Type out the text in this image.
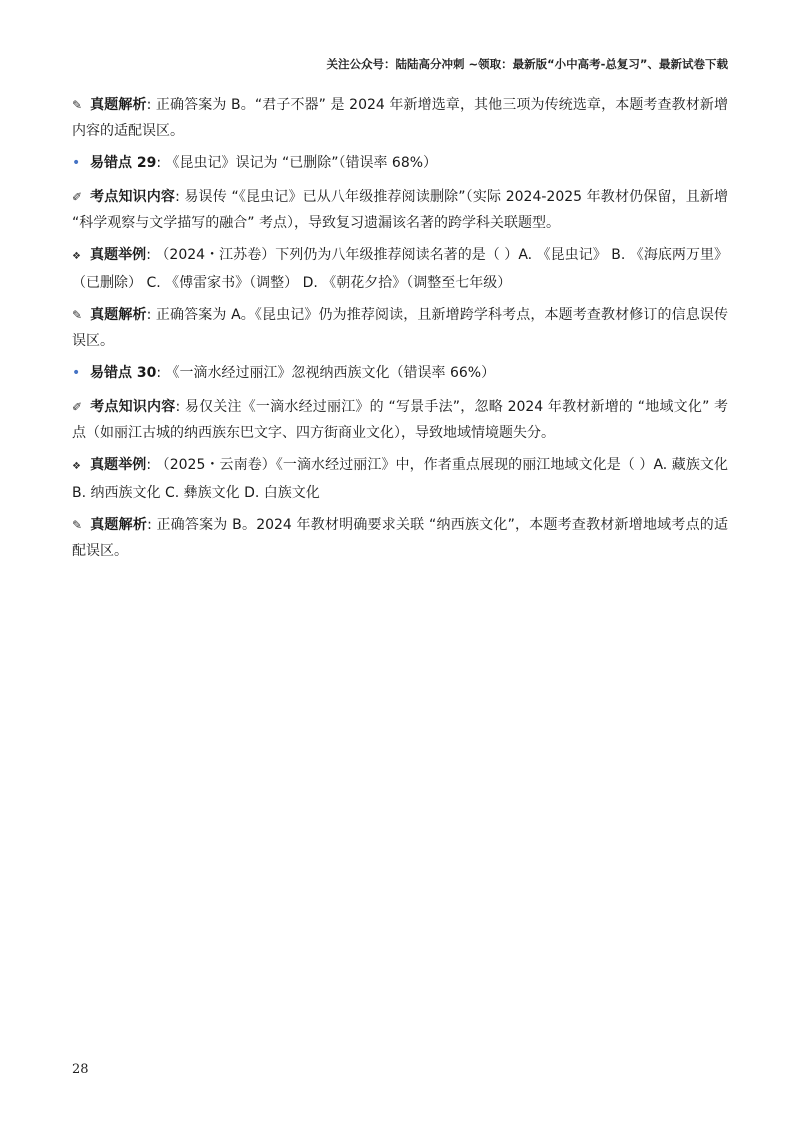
关注公众号：陆陆高分冲刺 ~领取：最新版“小中高考-总复习”、最新试卷下载

✎ 真题解析: 正确答案为 B。“君子不器” 是 2024 年新增选章，其他三项为传统选章，本题考查教材新增内容的适配误区。

• 易错点 29: 《昆虫记》误记为 “已删除”（错误率 68%）

✐ 考点知识内容: 易误传 “《昆虫记》已从八年级推荐阅读删除”（实际 2024-2025 年教材仍保留，且新增 “科学观察与文学描写的融合” 考点），导致复习遗漏该名著的跨学科关联题型。

❖ 真题举例: （2024・江苏卷）下列仍为八年级推荐阅读名著的是（ ）A. 《昆虫记》 B. 《海底两万里》（已删除） C. 《傅雷家书》（调整） D. 《朝花夕拾》（调整至七年级）

✎ 真题解析: 正确答案为 A。《昆虫记》仍为推荐阅读，且新增跨学科考点，本题考查教材修订的信息误传误区。

• 易错点 30: 《一滴水经过丽江》忽视纳西族文化（错误率 66%）

✐ 考点知识内容: 易仅关注《一滴水经过丽江》的 “写景手法”，忽略 2024 年教材新增的 “地域文化” 考点（如丽江古城的纳西族东巴文字、四方街商业文化），导致地域情境题失分。

❖ 真题举例: （2025・云南卷）《一滴水经过丽江》中，作者重点展现的丽江地域文化是（ ）A. 藏族文化 B. 纳西族文化 C. 彝族文化 D. 白族文化

✎ 真题解析: 正确答案为 B。2024 年教材明确要求关联 “纳西族文化”，本题考查教材新增地域考点的适配误区。

28
